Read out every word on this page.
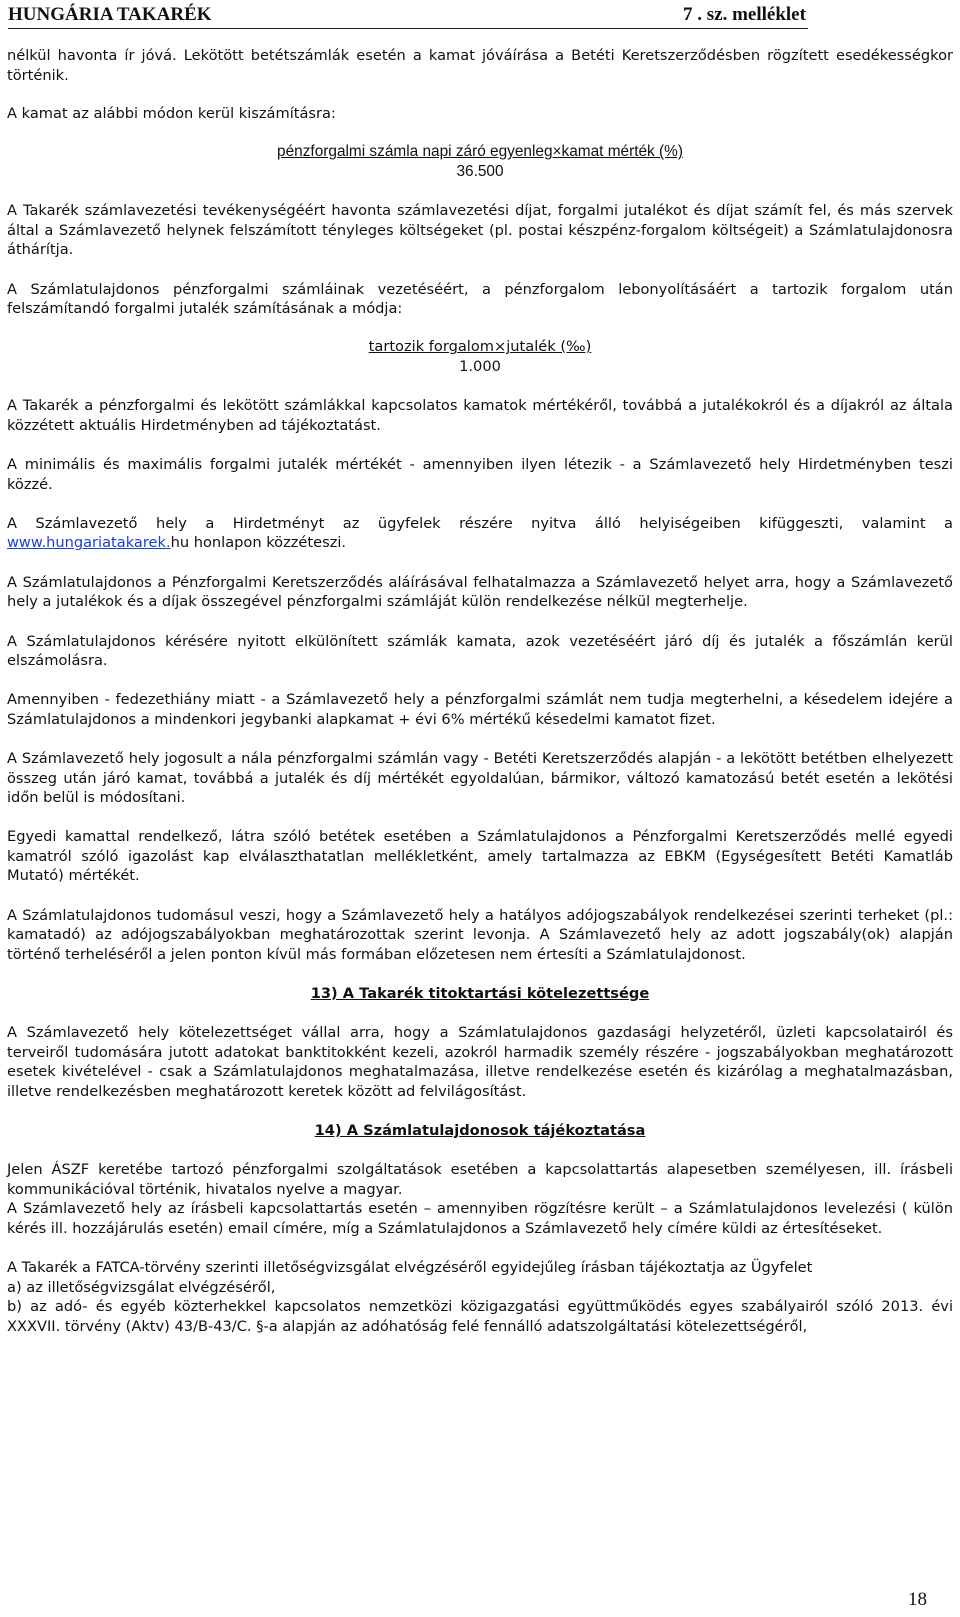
HUNGÁRIA TAKARÉK	7 . sz. melléklet

nélkül havonta ír jóvá. Lekötött betétszámlák esetén a kamat jóváírása a Betéti Keretszerződésben rögzített esedékességkor történik.

A kamat az alábbi módon kerül kiszámításra:

pénzforgalmi számla napi záró egyenleg×kamat mérték (%)
36.500

A Takarék számlavezetési tevékenységéért havonta számlavezetési díjat, forgalmi jutalékot és díjat számít fel, és más szervek által a Számlavezető helynek felszámított tényleges költségeket (pl. postai készpénz-forgalom költségeit) a Számlatulajdonosra áthárítja.

A Számlatulajdonos pénzforgalmi számláinak vezetéséért, a pénzforgalom lebonyolításáért a tartozik forgalom után felszámítandó forgalmi jutalék számításának a módja:

tartozik forgalom×jutalék (‰)
1.000

A Takarék a pénzforgalmi és lekötött számlákkal kapcsolatos kamatok mértékéről, továbbá a jutalékokról és a díjakról az általa közzétett aktuális Hirdetményben ad tájékoztatást.

A minimális és maximális forgalmi jutalék mértékét - amennyiben ilyen létezik - a Számlavezető hely Hirdetményben teszi közzé.

A Számlavezető hely a Hirdetményt az ügyfelek részére nyitva álló helyiségeiben kifüggeszti, valamint a www.hungariatakarek.hu honlapon közzéteszi.

A Számlatulajdonos a Pénzforgalmi Keretszerződés aláírásával felhatalmazza a Számlavezető helyet arra, hogy a Számlavezető hely a jutalékok és a díjak összegével pénzforgalmi számláját külön rendelkezése nélkül megterhelje.

A Számlatulajdonos kérésére nyitott elkülönített számlák kamata, azok vezetéséért járó díj és jutalék a főszámlán kerül elszámolásra.

Amennyiben - fedezethiány miatt - a Számlavezető hely a pénzforgalmi számlát nem tudja megterhelni, a késedelem idejére a Számlatulajdonos a mindenkori jegybanki alapkamat + évi 6% mértékű késedelmi kamatot fizet.

A Számlavezető hely jogosult a nála pénzforgalmi számlán vagy - Betéti Keretszerződés alapján - a lekötött betétben elhelyezett összeg után járó kamat, továbbá a jutalék és díj mértékét egyoldalúan, bármikor, változó kamatozású betét esetén a lekötési időn belül is módosítani.

Egyedi kamattal rendelkező, látra szóló betétek esetében a Számlatulajdonos a Pénzforgalmi Keretszerződés mellé egyedi kamatról szóló igazolást kap elválaszthatatlan mellékletként, amely tartalmazza az EBKM (Egységesített Betéti Kamatláb Mutató) mértékét.

A Számlatulajdonos tudomásul veszi, hogy a Számlavezető hely a hatályos adójogszabályok rendelkezései szerinti terheket (pl.: kamatadó) az adójogszabályokban meghatározottak szerint levonja. A Számlavezető hely az adott jogszabály(ok) alapján történő terheléséről a jelen ponton kívül más formában előzetesen nem értesíti a Számlatulajdonost.

13) A Takarék titoktartási kötelezettsége

A Számlavezető hely kötelezettséget vállal arra, hogy a Számlatulajdonos gazdasági helyzetéről, üzleti kapcsolatairól és terveiről tudomására jutott adatokat banktitokként kezeli, azokról harmadik személy részére - jogszabályokban meghatározott esetek kivételével - csak a Számlatulajdonos meghatalmazása, illetve rendelkezése esetén és kizárólag a meghatalmazásban, illetve rendelkezésben meghatározott keretek között ad felvilágosítást.

14) A Számlatulajdonosok tájékoztatása

Jelen ÁSZF keretébe tartozó pénzforgalmi szolgáltatások esetében a kapcsolattartás alapesetben személyesen, ill. írásbeli kommunikációval történik, hivatalos nyelve a magyar.

A Számlavezető hely az írásbeli kapcsolattartás esetén – amennyiben rögzítésre került – a Számlatulajdonos levelezési ( külön kérés ill. hozzájárulás esetén) email címére, míg a Számlatulajdonos a Számlavezető hely címére küldi az értesítéseket.

A Takarék a FATCA-törvény szerinti illetőségvizsgálat elvégzéséről egyidejűleg írásban tájékoztatja az Ügyfelet

a) az illetőségvizsgálat elvégzéséről,

b) az adó- és egyéb közterhekkel kapcsolatos nemzetközi közigazgatási együttműködés egyes szabályairól szóló 2013. évi XXXVII. törvény (Aktv) 43/B-43/C. §-a alapján az adóhatóság felé fennálló adatszolgáltatási kötelezettségéről,

18
